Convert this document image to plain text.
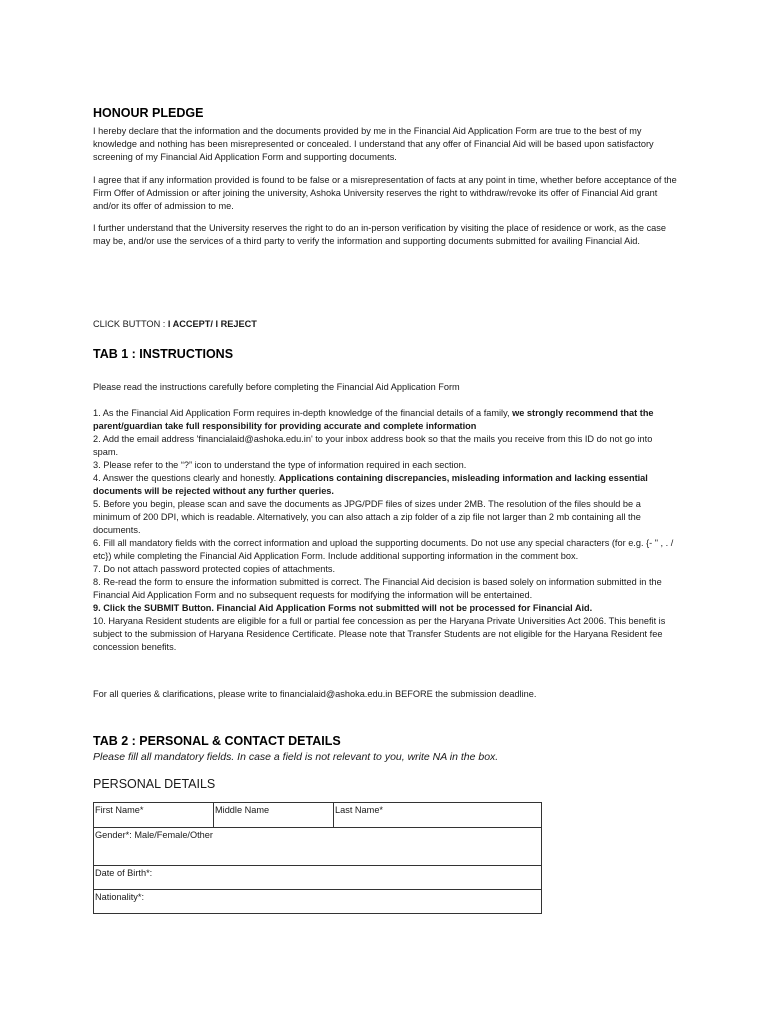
HONOUR PLEDGE

I hereby declare that the information and the documents provided by me in the Financial Aid Application Form are true to the best of my knowledge and nothing has been misrepresented or concealed. I understand that any offer of Financial Aid will be based upon satisfactory screening of my Financial Aid Application Form and supporting documents.

I agree that if any information provided is found to be false or a misrepresentation of facts at any point in time, whether before acceptance of the Firm Offer of Admission or after joining the university, Ashoka University reserves the right to withdraw/revoke its offer of Financial Aid grant and/or its offer of admission to me.

I further understand that the University reserves the right to do an in-person verification by visiting the place of residence or work, as the case may be, and/or use the services of a third party to verify the information and supporting documents submitted for availing Financial Aid.

CLICK BUTTON : I ACCEPT/ I REJECT

TAB 1 : INSTRUCTIONS

Please read the instructions carefully before completing the Financial Aid Application Form

1. As the Financial Aid Application Form requires in-depth knowledge of the financial details of a family, we strongly recommend that the parent/guardian take full responsibility for providing accurate and complete information

2. Add the email address 'financialaid@ashoka.edu.in' to your inbox address book so that the mails you receive from this ID do not go into spam.

3. Please refer to the “?” icon to understand the type of information required in each section.

4. Answer the questions clearly and honestly. Applications containing discrepancies, misleading information and lacking essential documents will be rejected without any further queries.

5. Before you begin, please scan and save the documents as JPG/PDF files of sizes under 2MB. The resolution of the files should be a minimum of 200 DPI, which is readable. Alternatively, you can also attach a zip folder of a zip file not larger than 2 mb containing all the documents.

6. Fill all mandatory fields with the correct information and upload the supporting documents. Do not use any special characters (for e.g. {- " , . / etc}) while completing the Financial Aid Application Form. Include additional supporting information in the comment box.

7. Do not attach password protected copies of attachments.

8. Re-read the form to ensure the information submitted is correct. The Financial Aid decision is based solely on information submitted in the Financial Aid Application Form and no subsequent requests for modifying the information will be entertained.

9. Click the SUBMIT Button. Financial Aid Application Forms not submitted will not be processed for Financial Aid.

10. Haryana Resident students are eligible for a full or partial fee concession as per the Haryana Private Universities Act 2006. This benefit is subject to the submission of Haryana Residence Certificate. Please note that Transfer Students are not eligible for the Haryana Resident fee concession benefits.

For all queries & clarifications, please write to financialaid@ashoka.edu.in BEFORE the submission deadline.

TAB 2 : PERSONAL & CONTACT DETAILS
Please fill all mandatory fields. In case a field is not relevant to you, write NA in the box.
PERSONAL DETAILS
First Name*	Middle Name	Last Name*
Gender*: Male/Female/Other
Date of Birth*:
Nationality*:
